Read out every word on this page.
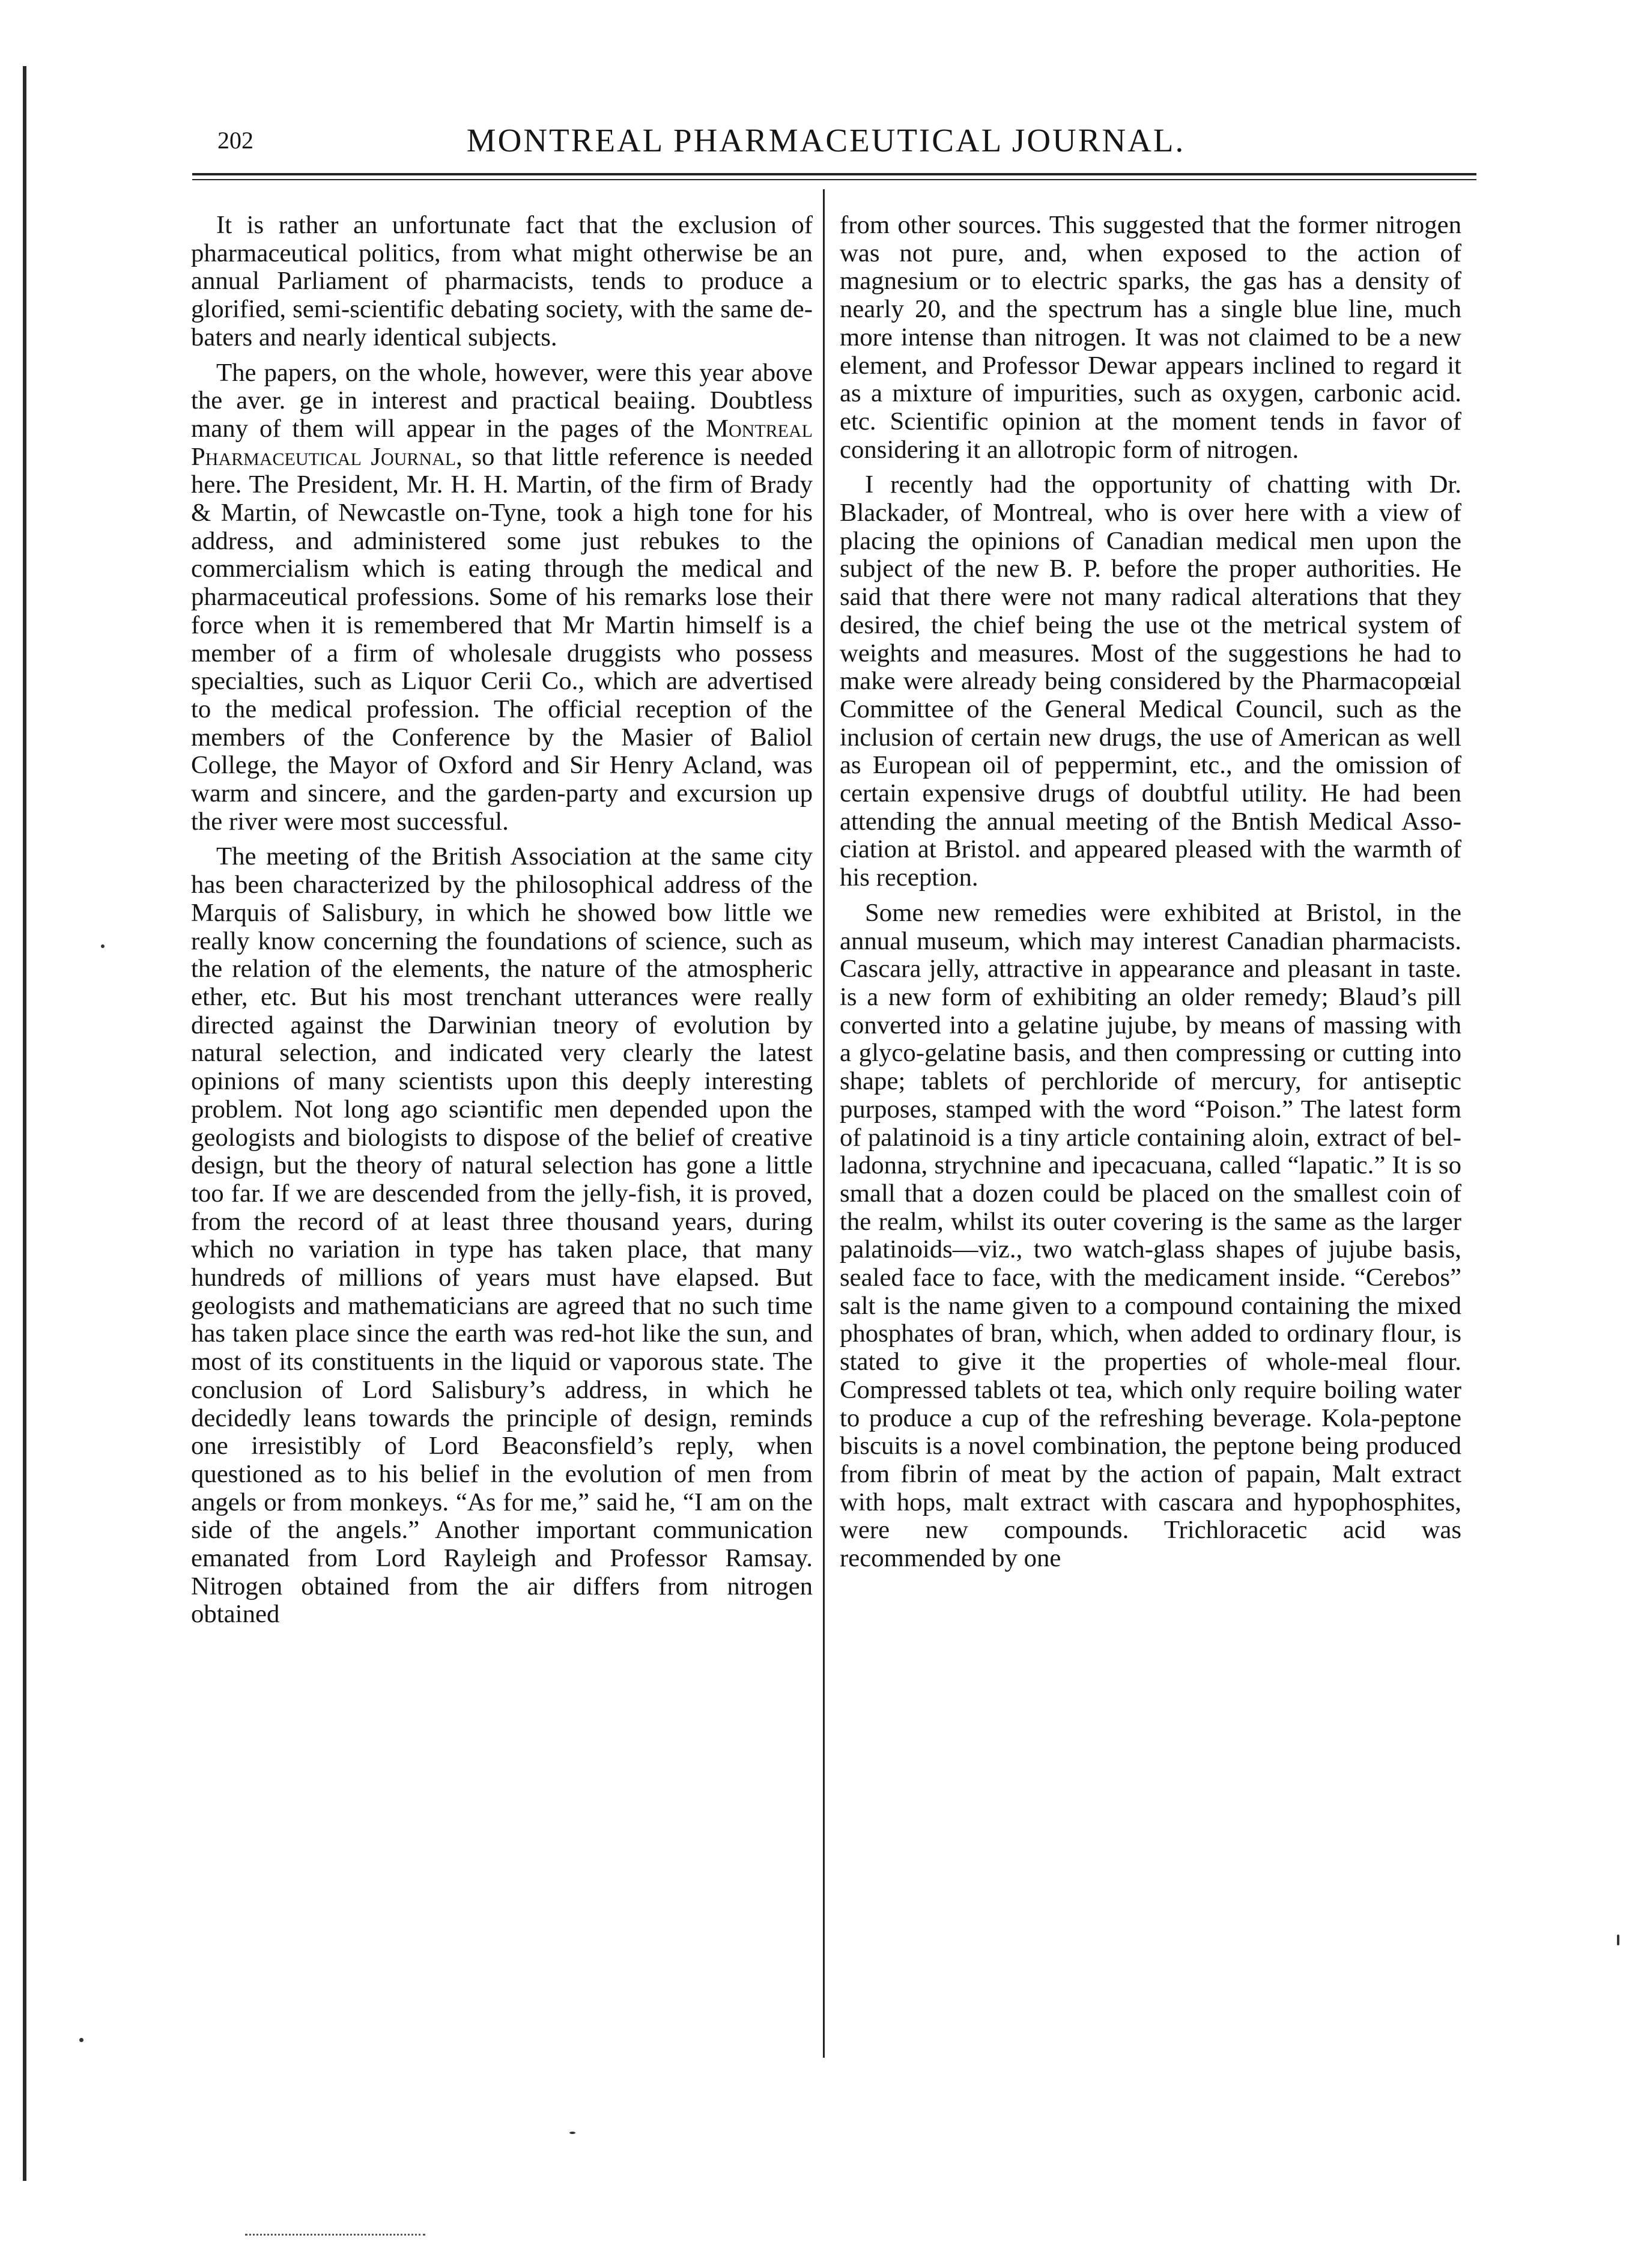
202	MONTREAL PHARMACEUTICAL JOURNAL.

It is rather an unfortunate fact that the exclusion of pharmaceutical politics, from what might otherwise be an annual Parliament of pharmacists, tends to produce a glorified, semi-scientific debating society, with the same debaters and nearly identical subjects.

The papers, on the whole, however, were this year above the aver. ge in interest and practical beaiing. Doubtless many of them will appear in the pages of the Montreal Pharmaceutical Journal, so that little reference is needed here. The President, Mr. H. H. Martin, of the firm of Brady & Martin, of Newcastle on-Tyne, took a high tone for his address, and administered some just rebukes to the commercialism which is eating through the medical and pharmaceutical professions. Some of his remarks lose their force when it is remembered that Mr Martin himself is a member of a firm of wholesale druggists who possess specialties, such as Liquor Cerii Co., which are advertised to the medical profession. The official reception of the members of the Conference by the Masier of Baliol College, the Mayor of Oxford and Sir Henry Acland, was warm and sincere, and the garden-party and excursion up the river were most successful.

The meeting of the British Association at the same city has been characterized by the philosophical address of the Marquis of Salisbury, in which he showed bow little we really know concerning the foundations of science, such as the relation of the elements, the nature of the atmospheric ether, etc. But his most trenchant utterances were really directed against the Darwinian tneory of evolution by natural selection, and indicated very clearly the latest opinions of many scientists upon this deeply interesting problem. Not long ago sciəntific men depended upon the geologists and biologists to dispose of the belief of creative design, but the theory of natural selection has gone a little too far. If we are descended from the jelly-fish, it is proved, from the record of at least three thousand years, during which no variation in type has taken place, that many hundreds of millions of years must have elapsed. But geologists and mathematicians are agreed that no such time has taken place since the earth was red-hot like the sun, and most of its constituents in the liquid or vaporous state. The conclusion of Lord Salisbury’s address, in which he decidedly leans towards the principle of design, reminds one irresistibly of Lord Beaconsfield’s reply, when questioned as to his belief in the evolution of men from angels or from monkeys. “As for me,” said he, “I am on the side of the angels.” Another important communication emanated from Lord Rayleigh and Professor Ramsay. Nitrogen obtained from the air differs from nitrogen obtained

from other sources. This suggested that the former nitrogen was not pure, and, when exposed to the action of magnesium or to electric sparks, the gas has a density of nearly 20, and the spectrum has a single blue line, much more intense than nitrogen. It was not claimed to be a new element, and Professor Dewar appears inclined to regard it as a mixture of impurities, such as oxygen, carbonic acid. etc. Scientific opinion at the moment tends in favor of considering it an allotropic form of nitrogen.

I recently had the opportunity of chatting with Dr. Blackader, of Montreal, who is over here with a view of placing the opinions of Canadian medical men upon the subject of the new B. P. before the proper authorities. He said that there were not many radical alterations that they desired, the chief being the use ot the metrical system of weights and measures. Most of the suggestions he had to make were already being considered by the Pharmacopœial Committee of the General Medical Council, such as the inclusion of certain new drugs, the use of American as well as European oil of peppermint, etc., and the omission of certain expensive drugs of doubtful utility. He had been attending the annual meeting of the Bntish Medical Association at Bristol. and appeared pleased with the warmth of his reception.

Some new remedies were exhibited at Bristol, in the annual museum, which may interest Canadian pharmacists. Cascara jelly, attractive in appearance and pleasant in taste. is a new form of exhibiting an older remedy; Blaud’s pill converted into a gelatine jujube, by means of massing with a glyco-gelatine basis, and then compressing or cutting into shape; tablets of perchloride of mercury, for antiseptic purposes, stamped with the word “Poison.” The latest form of palatinoid is a tiny article containing aloin, extract of belladonna, strychnine and ipecacuana, called “lapatic.” It is so small that a dozen could be placed on the smallest coin of the realm, whilst its outer covering is the same as the larger palatinoids—viz., two watch-glass shapes of jujube basis, sealed face to face, with the medicament inside. “Cerebos” salt is the name given to a compound containing the mixed phosphates of bran, which, when added to ordinary flour, is stated to give it the properties of whole-meal flour. Compressed tablets ot tea, which only require boiling water to produce a cup of the refreshing beverage. Kola-peptone biscuits is a novel combination, the peptone being produced from fibrin of meat by the action of papain, Malt extract with hops, malt extract with cascara and hypophosphites, were new compounds. Trichloracetic acid was recommended by one
